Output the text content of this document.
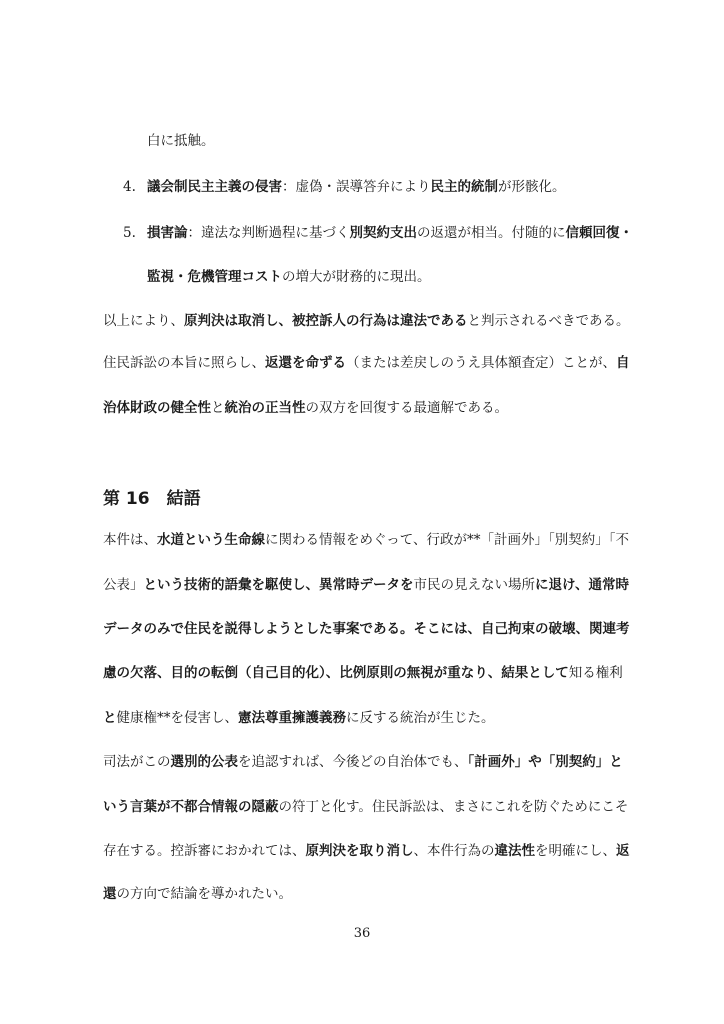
白に抵触。
4. 議会制民主主義の侵害：虚偽・誤導答弁により民主的統制が形骸化。
5. 損害論：違法な判断過程に基づく別契約支出の返還が相当。付随的に信頼回復・
監視・危機管理コストの増大が財務的に現出。
以上により、原判決は取消し、被控訴人の行為は違法であると判示されるべきである。
住民訴訟の本旨に照らし、返還を命ずる（または差戻しのうえ具体額査定）ことが、自
治体財政の健全性と統治の正当性の双方を回復する最適解である。
第 16　結語
本件は、水道という生命線に関わる情報をめぐって、行政が**「計画外」「別契約」「不
公表」という技術的語彙を駆使し、異常時データを市民の見えない場所に退け、通常時
データのみで住民を説得しようとした事案である。そこには、自己拘束の破壊、関連考
慮の欠落、目的の転倒（自己目的化）、比例原則の無視が重なり、結果として知る権利
と健康権**を侵害し、憲法尊重擁護義務に反する統治が生じた。
司法がこの選別的公表を追認すれば、今後どの自治体でも、「計画外」や「別契約」と
いう言葉が不都合情報の隠蔽の符丁と化す。住民訴訟は、まさにこれを防ぐためにこそ
存在する。控訴審におかれては、原判決を取り消し、本件行為の違法性を明確にし、返
還の方向で結論を導かれたい。
36
